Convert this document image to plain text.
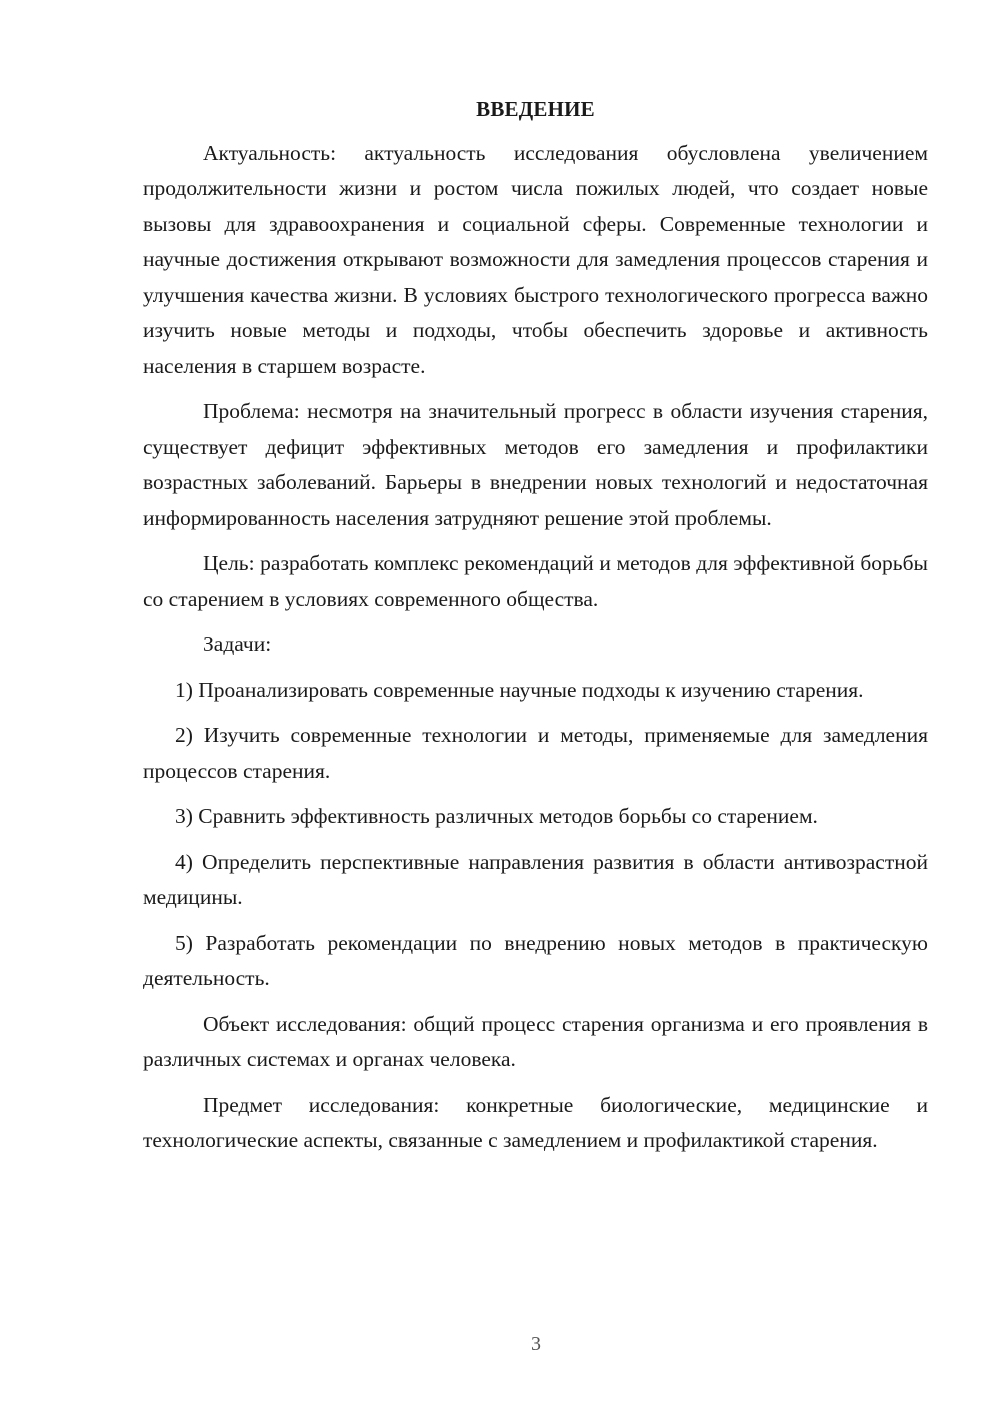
ВВЕДЕНИЕ

Актуальность: актуальность исследования обусловлена увеличением продолжительности жизни и ростом числа пожилых людей, что создает новые вызовы для здравоохранения и социальной сферы. Современные технологии и научные достижения открывают возможности для замедления процессов старения и улучшения качества жизни. В условиях быстрого технологического прогресса важно изучить новые методы и подходы, чтобы обеспечить здоровье и активность населения в старшем возрасте.

Проблема: несмотря на значительный прогресс в области изучения старения, существует дефицит эффективных методов его замедления и профилактики возрастных заболеваний. Барьеры в внедрении новых технологий и недостаточная информированность населения затрудняют решение этой проблемы.

Цель: разработать комплекс рекомендаций и методов для эффективной борьбы со старением в условиях современного общества.

Задачи:

1) Проанализировать современные научные подходы к изучению старения.

2) Изучить современные технологии и методы, применяемые для замедления процессов старения.

3) Сравнить эффективность различных методов борьбы со старением.

4) Определить перспективные направления развития в области антивозрастной медицины.

5) Разработать рекомендации по внедрению новых методов в практическую деятельность.

Объект исследования: общий процесс старения организма и его проявления в различных системах и органах человека.

Предмет исследования: конкретные биологические, медицинские и технологические аспекты, связанные с замедлением и профилактикой старения.

3
